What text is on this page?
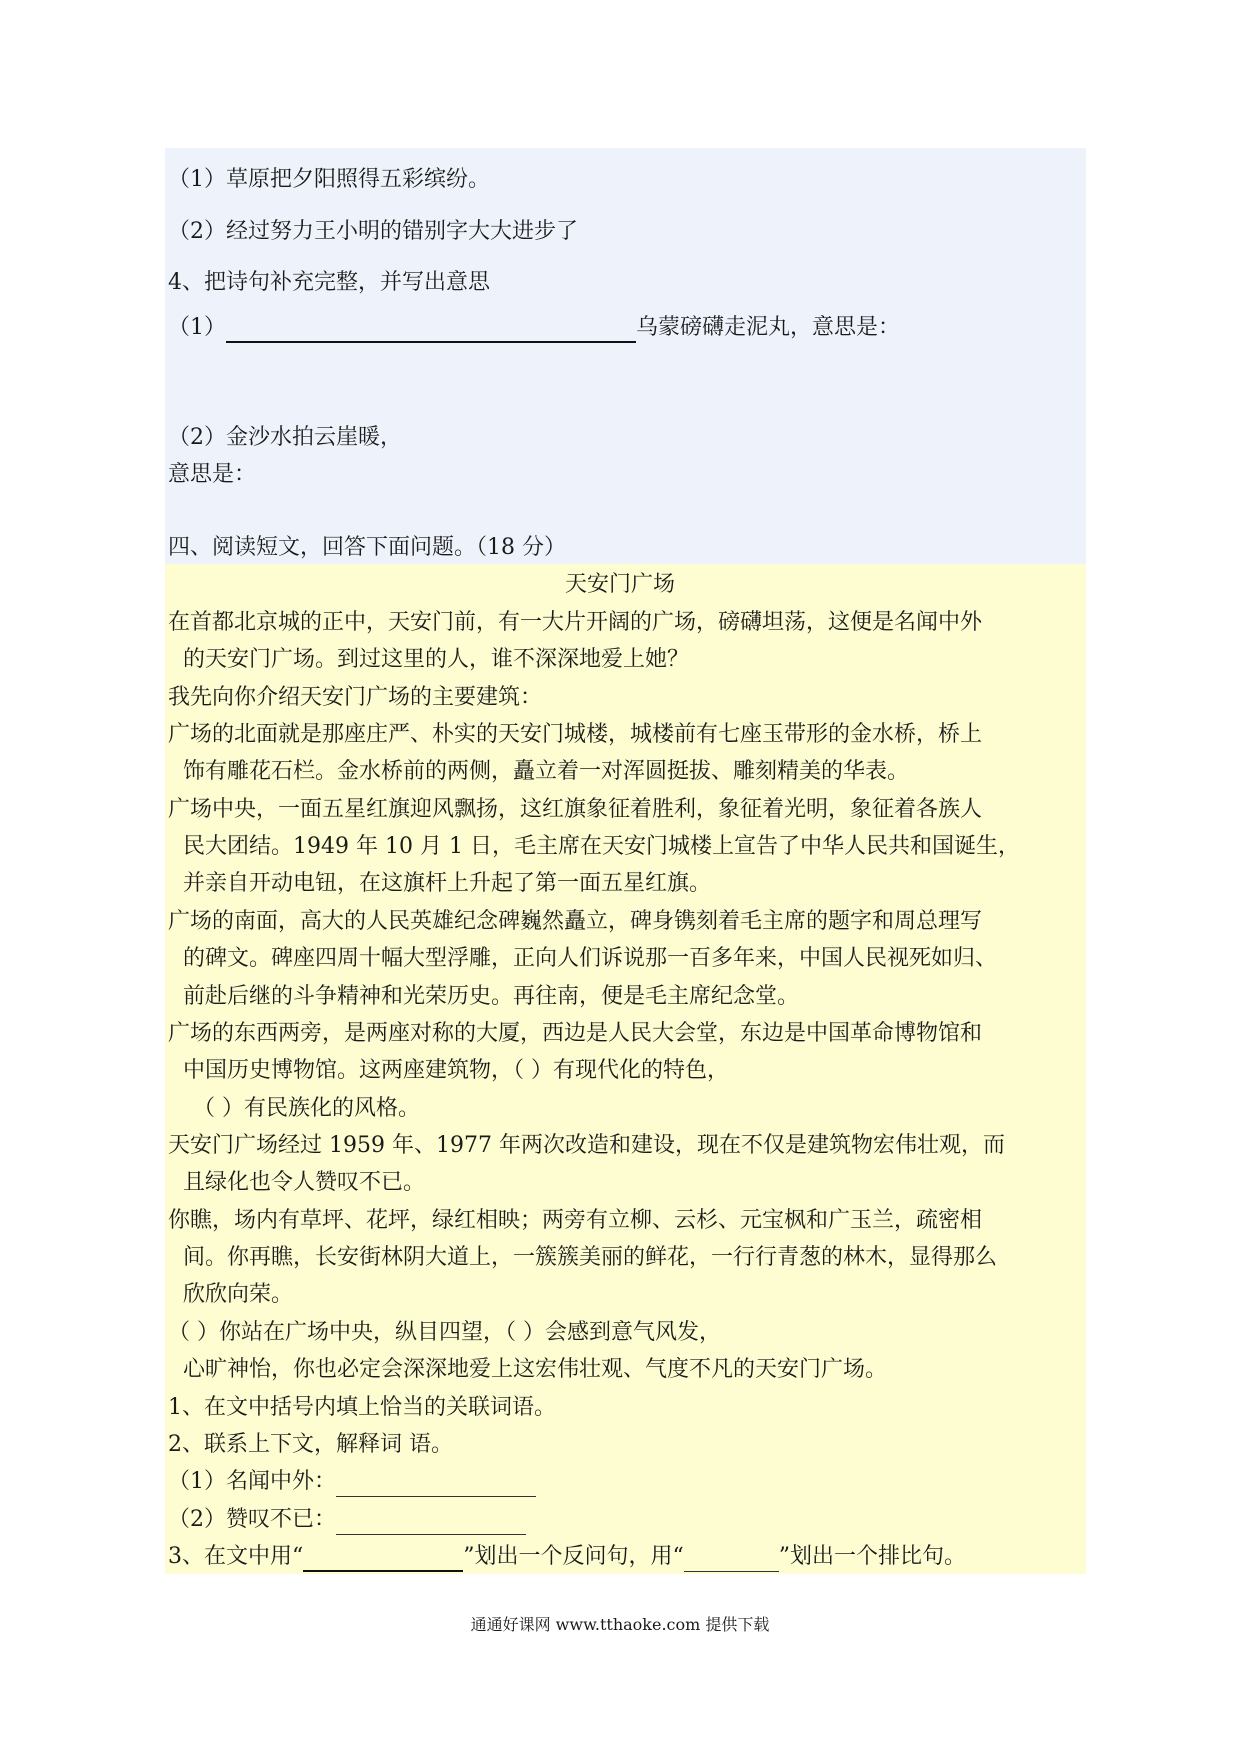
（1）草原把夕阳照得五彩缤纷。
（2）经过努力王小明的错别字大大进步了
4、把诗句补充完整，并写出意思
（1）	乌蒙磅礴走泥丸，意思是：
（2）金沙水拍云崖暖，
意思是：
四、阅读短文，回答下面问题。（18 分）
天安门广场
在首都北京城的正中，天安门前，有一大片开阔的广场，磅礴坦荡，这便是名闻中外
的天安门广场。到过这里的人，谁不深深地爱上她？
我先向你介绍天安门广场的主要建筑：
广场的北面就是那座庄严、朴实的天安门城楼，城楼前有七座玉带形的金水桥，桥上
饰有雕花石栏。金水桥前的两侧，矗立着一对浑圆挺拔、雕刻精美的华表。
广场中央，一面五星红旗迎风飘扬，这红旗象征着胜利，象征着光明，象征着各族人
民大团结。1949 年 10 月 1 日，毛主席在天安门城楼上宣告了中华人民共和国诞生，
并亲自开动电钮，在这旗杆上升起了第一面五星红旗。
广场的南面，高大的人民英雄纪念碑巍然矗立，碑身镌刻着毛主席的题字和周总理写
的碑文。碑座四周十幅大型浮雕，正向人们诉说那一百多年来，中国人民视死如归、
前赴后继的斗争精神和光荣历史。再往南，便是毛主席纪念堂。
广场的东西两旁，是两座对称的大厦，西边是人民大会堂，东边是中国革命博物馆和
中国历史博物馆。这两座建筑物，（ ）有现代化的特色，
（ ）有民族化的风格。
天安门广场经过 1959 年、1977 年两次改造和建设，现在不仅是建筑物宏伟壮观，而
且绿化也令人赞叹不已。
你瞧，场内有草坪、花坪，绿红相映；两旁有立柳、云杉、元宝枫和广玉兰，疏密相
间。你再瞧，长安街林阴大道上，一簇簇美丽的鲜花，一行行青葱的林木，显得那么
欣欣向荣。
（ ）你站在广场中央，纵目四望，（ ）会感到意气风发，
心旷神怡，你也必定会深深地爱上这宏伟壮观、气度不凡的天安门广场。
1、在文中括号内填上恰当的关联词语。
2、联系上下文，解释词 语。
（1）名闻中外：
（2）赞叹不已：
3、在文中用“	”划出一个反问句，用“	”划出一个排比句。
通通好课网 www.tthaoke.com 提供下载
